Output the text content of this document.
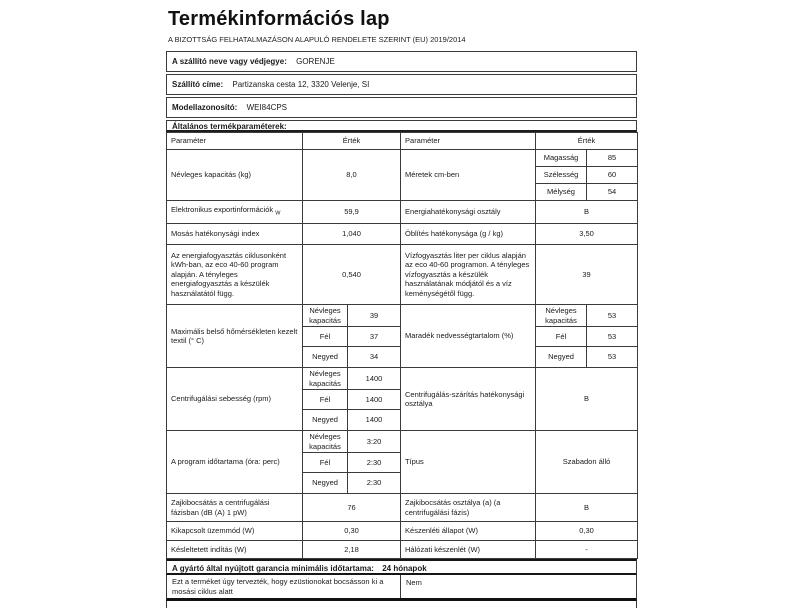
Termékinformációs lap
A BIZOTTSÁG FELHATALMAZÁSON ALAPULÓ RENDELETE SZERINT (EU) 2019/2014
A szállító neve vagy védjegye: GORENJE
Szállító címe: Partizanska cesta 12, 3320 Velenje, SI
Modellazonosító: WEI84CPS
Általános termékparaméterek:
Paraméter	Érték		Paraméter	Érték	
Névleges kapacitás (kg)	8,0		Méretek cm-ben	Magasság	85
				Szélesség	60
				Mélység	54
Elektronikus exportinformációk $_W$	59,9		Energiahatékonysági osztály	B	
Mosás hatékonysági index	1,040		Öblítés hatékonysága (g / kg)	3,50	
Az energiafogyasztás ciklusonként kWh-ban, az eco 40-60 program alapján. A tényleges energiafogyasztás a készülék használatától függ.	0,540		Vízfogyasztás liter per ciklus alapján az eco 40-60 programon. A tényleges vízfogyasztás a készülék használatának módjától és a víz keménységétől függ.	39	
Maximális belső hőmérsékleten kezelt textil (° C)	Névleges kapacitás	39	Maradék nedvességtartalom (%)	Névleges kapacitás	53
	Fél	37		Fél	53
	Negyed	34		Negyed	53
Centrifugálási sebesség (rpm)	Névleges kapacitás	1400	Centrifugálás-szárítás hatékonysági osztálya	B	
	Fél	1400			
	Negyed	1400			
A program időtartama (óra: perc)	Névleges kapacitás	3:20	Típus	Szabadon álló	
	Fél	2:30			
	Negyed	2:30			
Zajkibocsátás a centrifugálási fázisban (dB (A) 1 pW)	76		Zajkibocsátás osztálya (a) (a centrifugálási fázis)	B	
Kikapcsolt üzemmód (W)	0,30		Készenléti állapot (W)	0,30	
Késleltetett indítás (W)	2,18		Hálózati készenlét (W)	-	
A gyártó által nyújtott garancia minimális időtartama: 24 hónapok
Ezt a terméket úgy tervezték, hogy ezüstionokat bocsásson ki a mosási ciklus alatt
Nem
